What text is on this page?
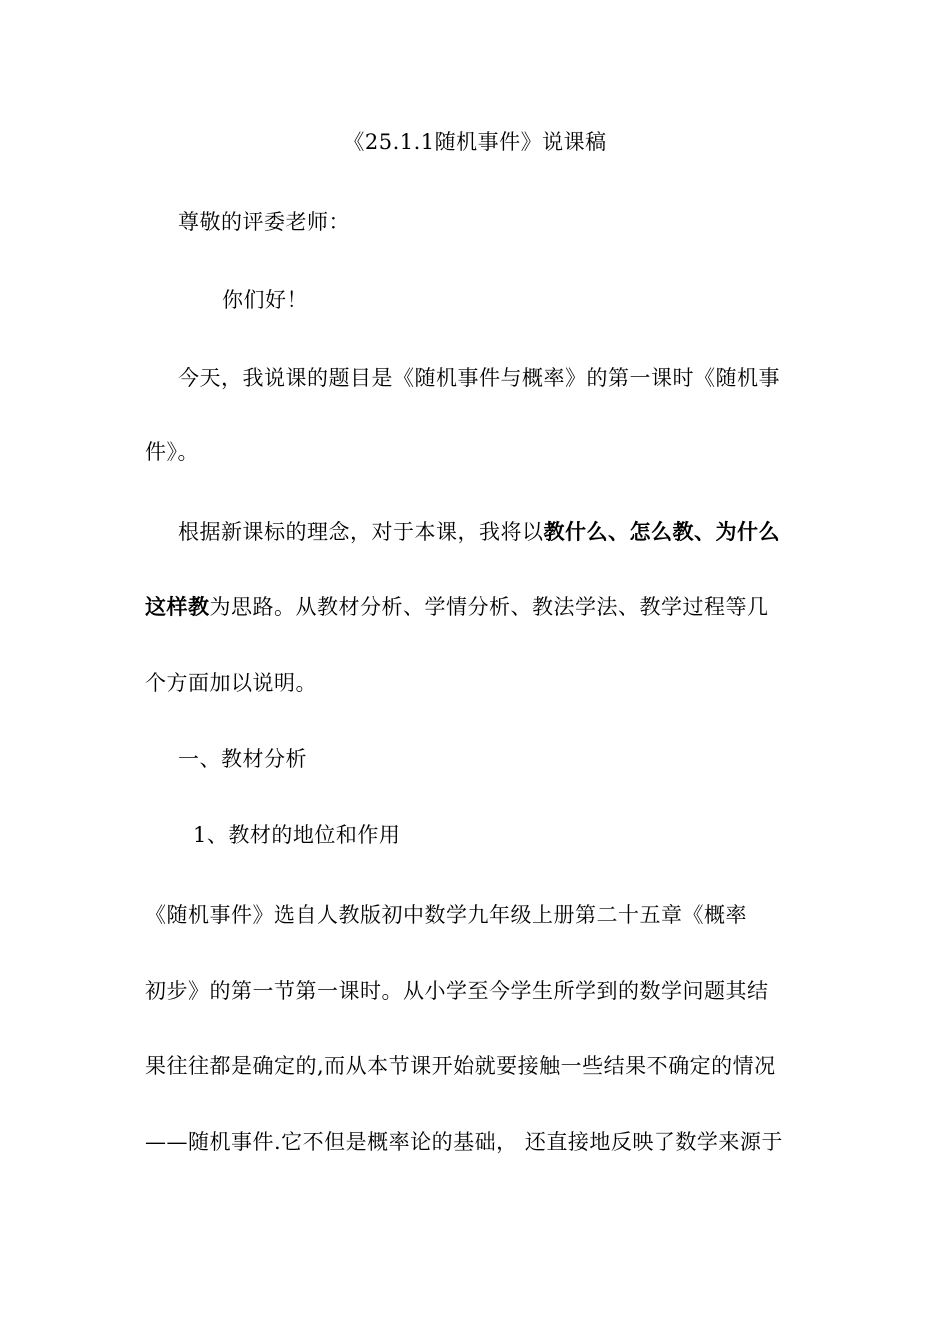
《25.1.1随机事件》说课稿
尊敬的评委老师：
你们好！
今天，我说课的题目是《随机事件与概率》的第一课时《随机事
件》。
根据新课标的理念，对于本课，我将以教什么、怎么教、为什么
这样教为思路。从教材分析、学情分析、教法学法、教学过程等几
个方面加以说明。
一、教材分析
1、教材的地位和作用
《随机事件》选自人教版初中数学九年级上册第二十五章《概率
初步》的第一节第一课时。从小学至今学生所学到的数学问题其结
果往往都是确定的,而从本节课开始就要接触一些结果不确定的情况
——随机事件.它不但是概率论的基础， 还直接地反映了数学来源于
